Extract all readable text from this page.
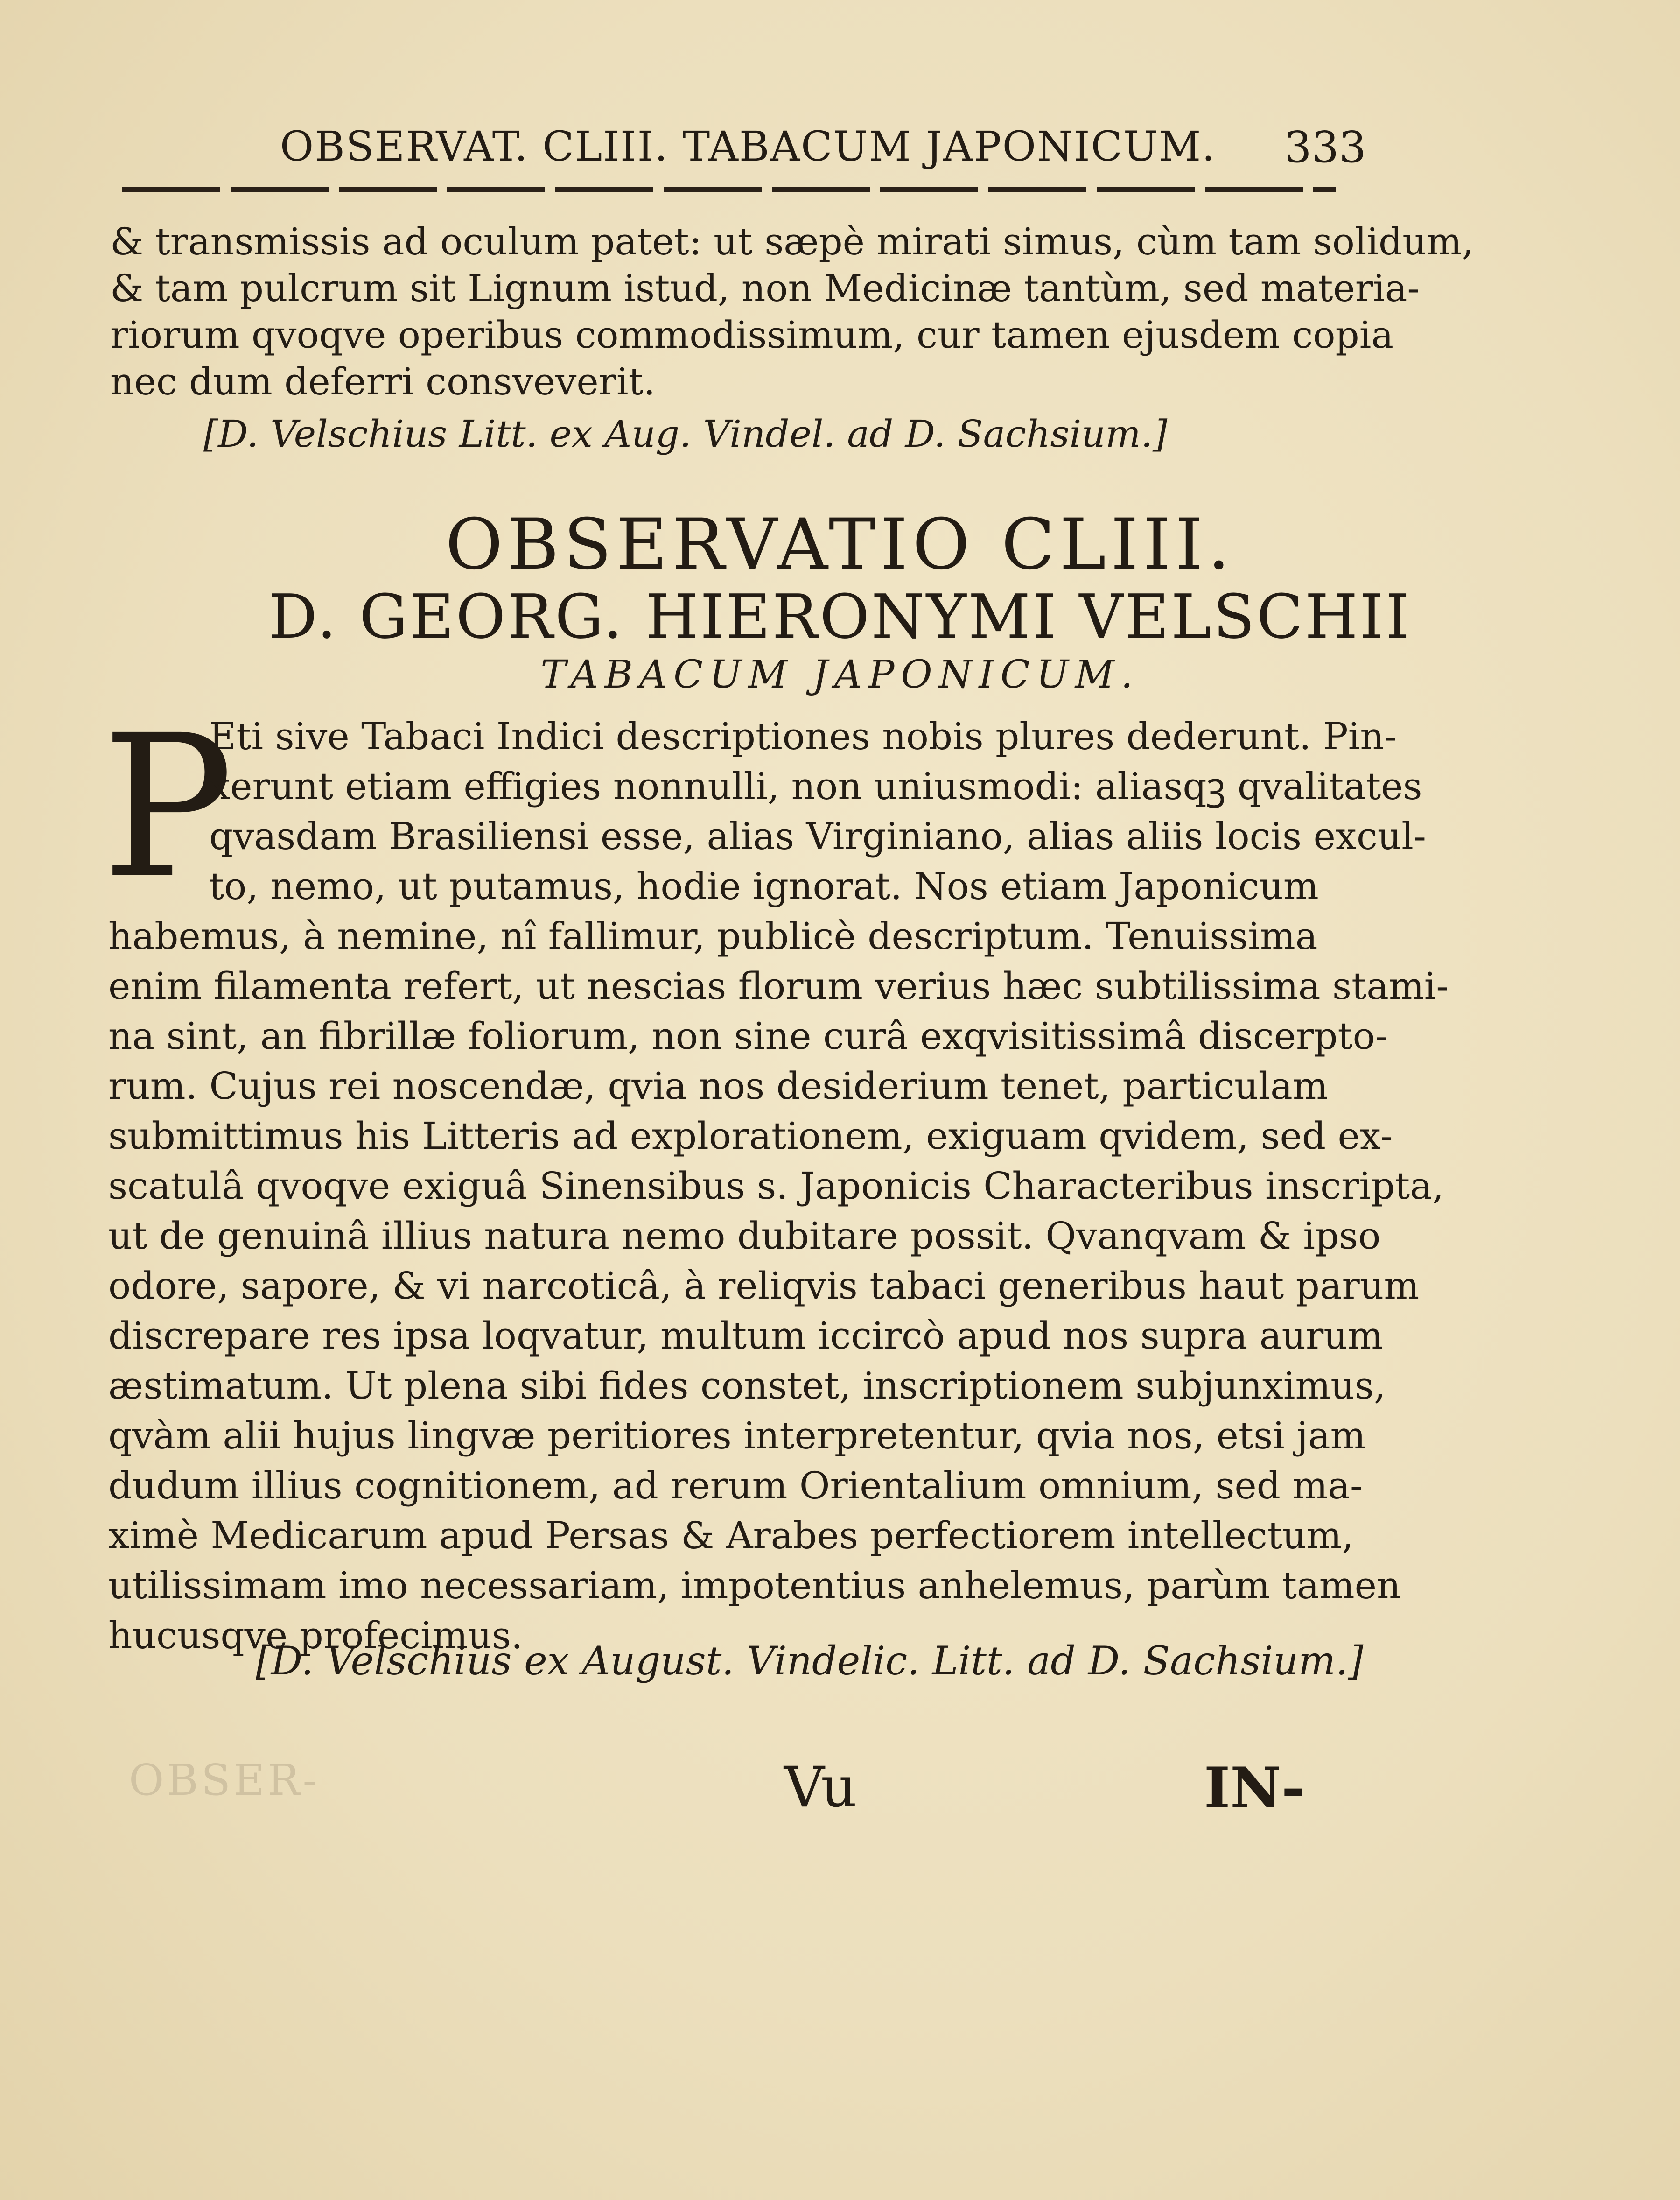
OBSERVAT. CLIII. TABACUM JAPONICUM. 333
& transmissis ad oculum patet: ut sæpè mirati simus, cùm tam solidum,
& tam pulcrum sit Lignum istud, non Medicinæ tantùm, sed materia-
riorum qvoqve operibus commodissimum, cur tamen ejusdem copia
nec dum deferri consveverit.
[D. Velschius Litt. ex Aug. Vindel. ad D. Sachsium.]
OBSERVATIO CLIII.
D. GEORG. HIERONYMI VELSCHII
TABACUM JAPONICUM.
P
Eti sive Tabaci Indici descriptiones nobis plures dederunt. Pin-
xerunt etiam effigies nonnulli, non uniusmodi: aliasqꝫ qvalitates
qvasdam Brasiliensi esse, alias Virginiano, alias aliis locis excul-
to, nemo, ut putamus, hodie ignorat. Nos etiam Japonicum
habemus, à nemine, nî fallimur, publicè descriptum. Tenuissima
enim filamenta refert, ut nescias florum verius hæc subtilissima stami-
na sint, an fibrillæ foliorum, non sine curâ exqvisitissimâ discerpto-
rum. Cujus rei noscendæ, qvia nos desiderium tenet, particulam
submittimus his Litteris ad explorationem, exiguam qvidem, sed ex-
scatulâ qvoqve exiguâ Sinensibus s. Japonicis Characteribus inscripta,
ut de genuinâ illius natura nemo dubitare possit. Qvanqvam & ipso
odore, sapore, & vi narcoticâ, à reliqvis tabaci generibus haut parum
discrepare res ipsa loqvatur, multum iccircò apud nos supra aurum
æstimatum. Ut plena sibi fides constet, inscriptionem subjunximus,
qvàm alii hujus lingvæ peritiores interpretentur, qvia nos, etsi jam
dudum illius cognitionem, ad rerum Orientalium omnium, sed ma-
ximè Medicarum apud Persas & Arabes perfectiorem intellectum,
utilissimam imo necessariam, impotentius anhelemus, parùm tamen
hucusqve profecimus.
[D. Velschius ex August. Vindelic. Litt. ad D. Sachsium.]
OBSER-	Vu	IN-
